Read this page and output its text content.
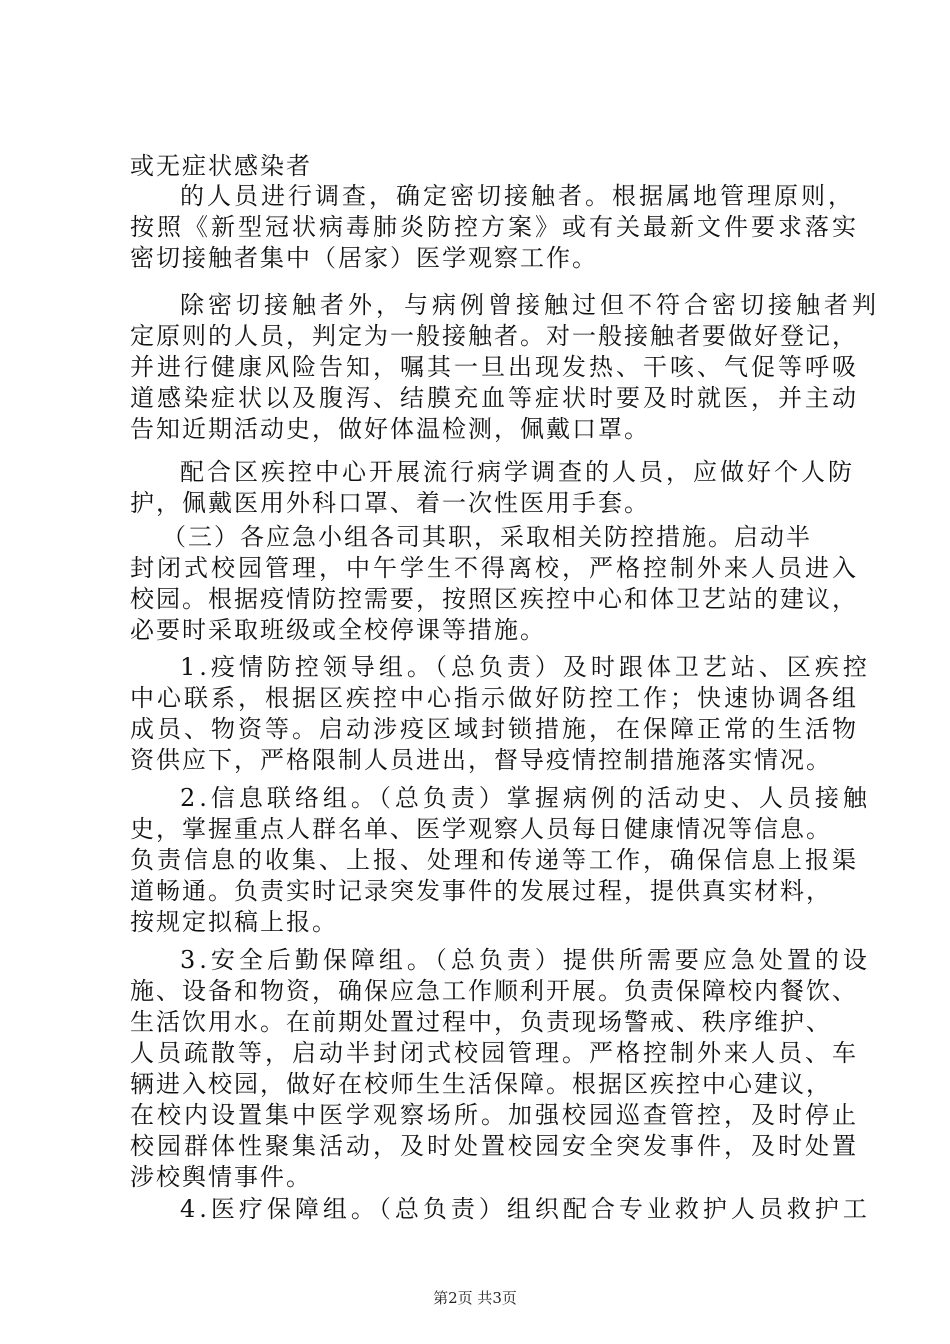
或无症状感染者
的人员进行调查，确定密切接触者。根据属地管理原则，
按照《新型冠状病毒肺炎防控方案》或有关最新文件要求落实
密切接触者集中（居家）医学观察工作。
除密切接触者外，与病例曾接触过但不符合密切接触者判
定原则的人员，判定为一般接触者。对一般接触者要做好登记，
并进行健康风险告知，嘱其一旦出现发热、干咳、气促等呼吸
道感染症状以及腹泻、结膜充血等症状时要及时就医，并主动
告知近期活动史，做好体温检测，佩戴口罩。
配合区疾控中心开展流行病学调查的人员，应做好个人防
护，佩戴医用外科口罩、着一次性医用手套。
（三）各应急小组各司其职，采取相关防控措施。启动半
封闭式校园管理，中午学生不得离校，严格控制外来人员进入
校园。根据疫情防控需要，按照区疾控中心和体卫艺站的建议，
必要时采取班级或全校停课等措施。
1.疫情防控领导组。（总负责）及时跟体卫艺站、区疾控
中心联系，根据区疾控中心指示做好防控工作；快速协调各组
成员、物资等。启动涉疫区域封锁措施，在保障正常的生活物
资供应下，严格限制人员进出，督导疫情控制措施落实情况。
2.信息联络组。（总负责）掌握病例的活动史、人员接触
史，掌握重点人群名单、医学观察人员每日健康情况等信息。
负责信息的收集、上报、处理和传递等工作，确保信息上报渠
道畅通。负责实时记录突发事件的发展过程，提供真实材料，
按规定拟稿上报。
3.安全后勤保障组。（总负责）提供所需要应急处置的设
施、设备和物资，确保应急工作顺利开展。负责保障校内餐饮、
生活饮用水。在前期处置过程中，负责现场警戒、秩序维护、
人员疏散等，启动半封闭式校园管理。严格控制外来人员、车
辆进入校园，做好在校师生生活保障。根据区疾控中心建议，
在校内设置集中医学观察场所。加强校园巡查管控，及时停止
校园群体性聚集活动，及时处置校园安全突发事件，及时处置
涉校舆情事件。
4.医疗保障组。（总负责）组织配合专业救护人员救护工
第2页 共3页
